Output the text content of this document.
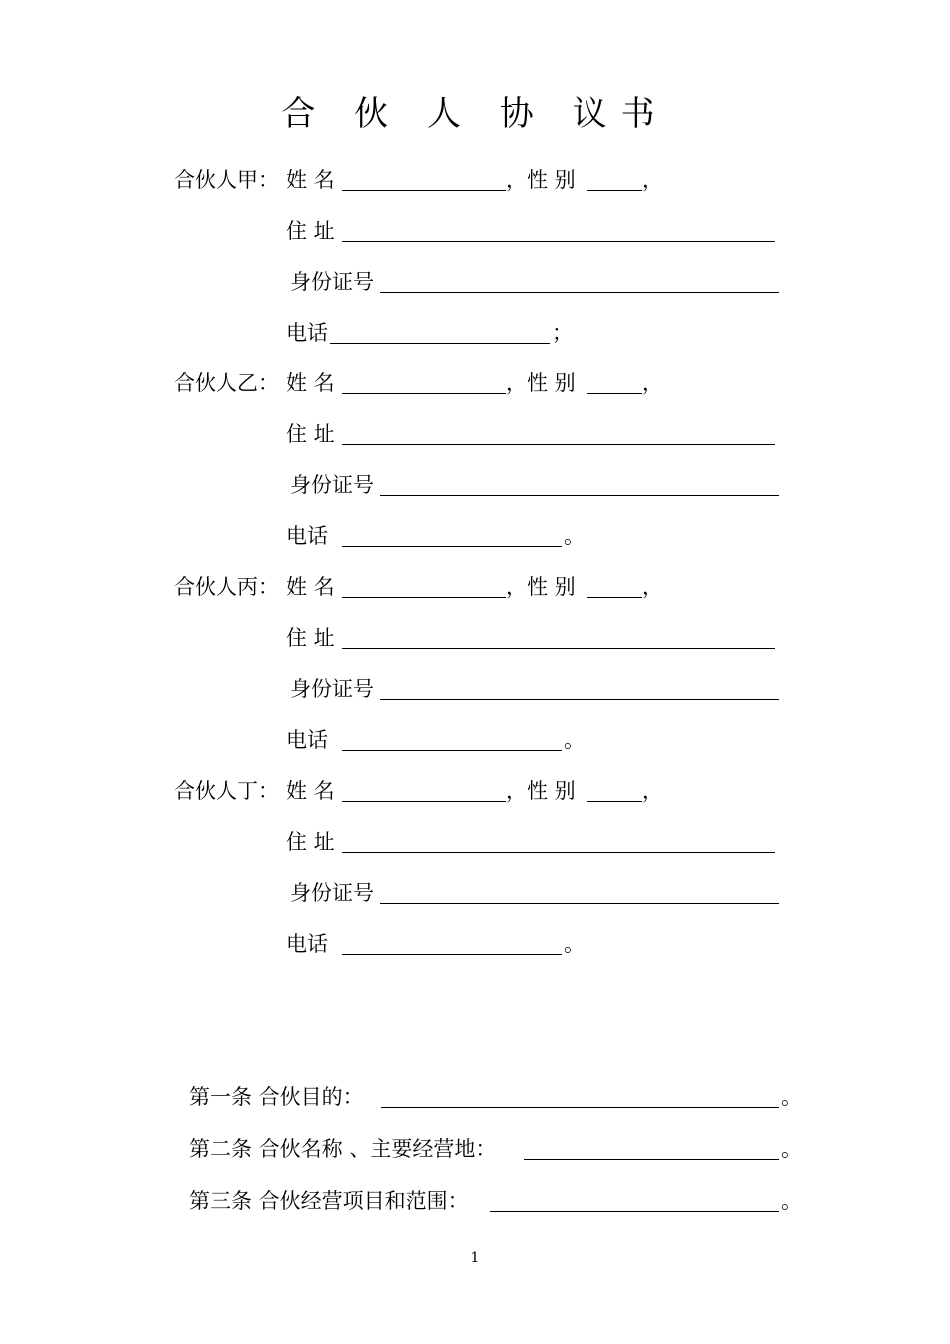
合 伙 人 协 议书
合伙人甲： 姓 名	，性 别	，
住 址
身份证号
电话	；
合伙人乙： 姓 名	，性 别	，
住 址
身份证号
电话	。
合伙人丙： 姓 名	，性 别	，
住 址
身份证号
电话	。
合伙人丁： 姓 名	，性 别	，
住 址
身份证号
电话	。
第一条 合伙目的：	。
第二条 合伙名称 、主要经营地：	。
第三条 合伙经营项目和范围：	。
1
